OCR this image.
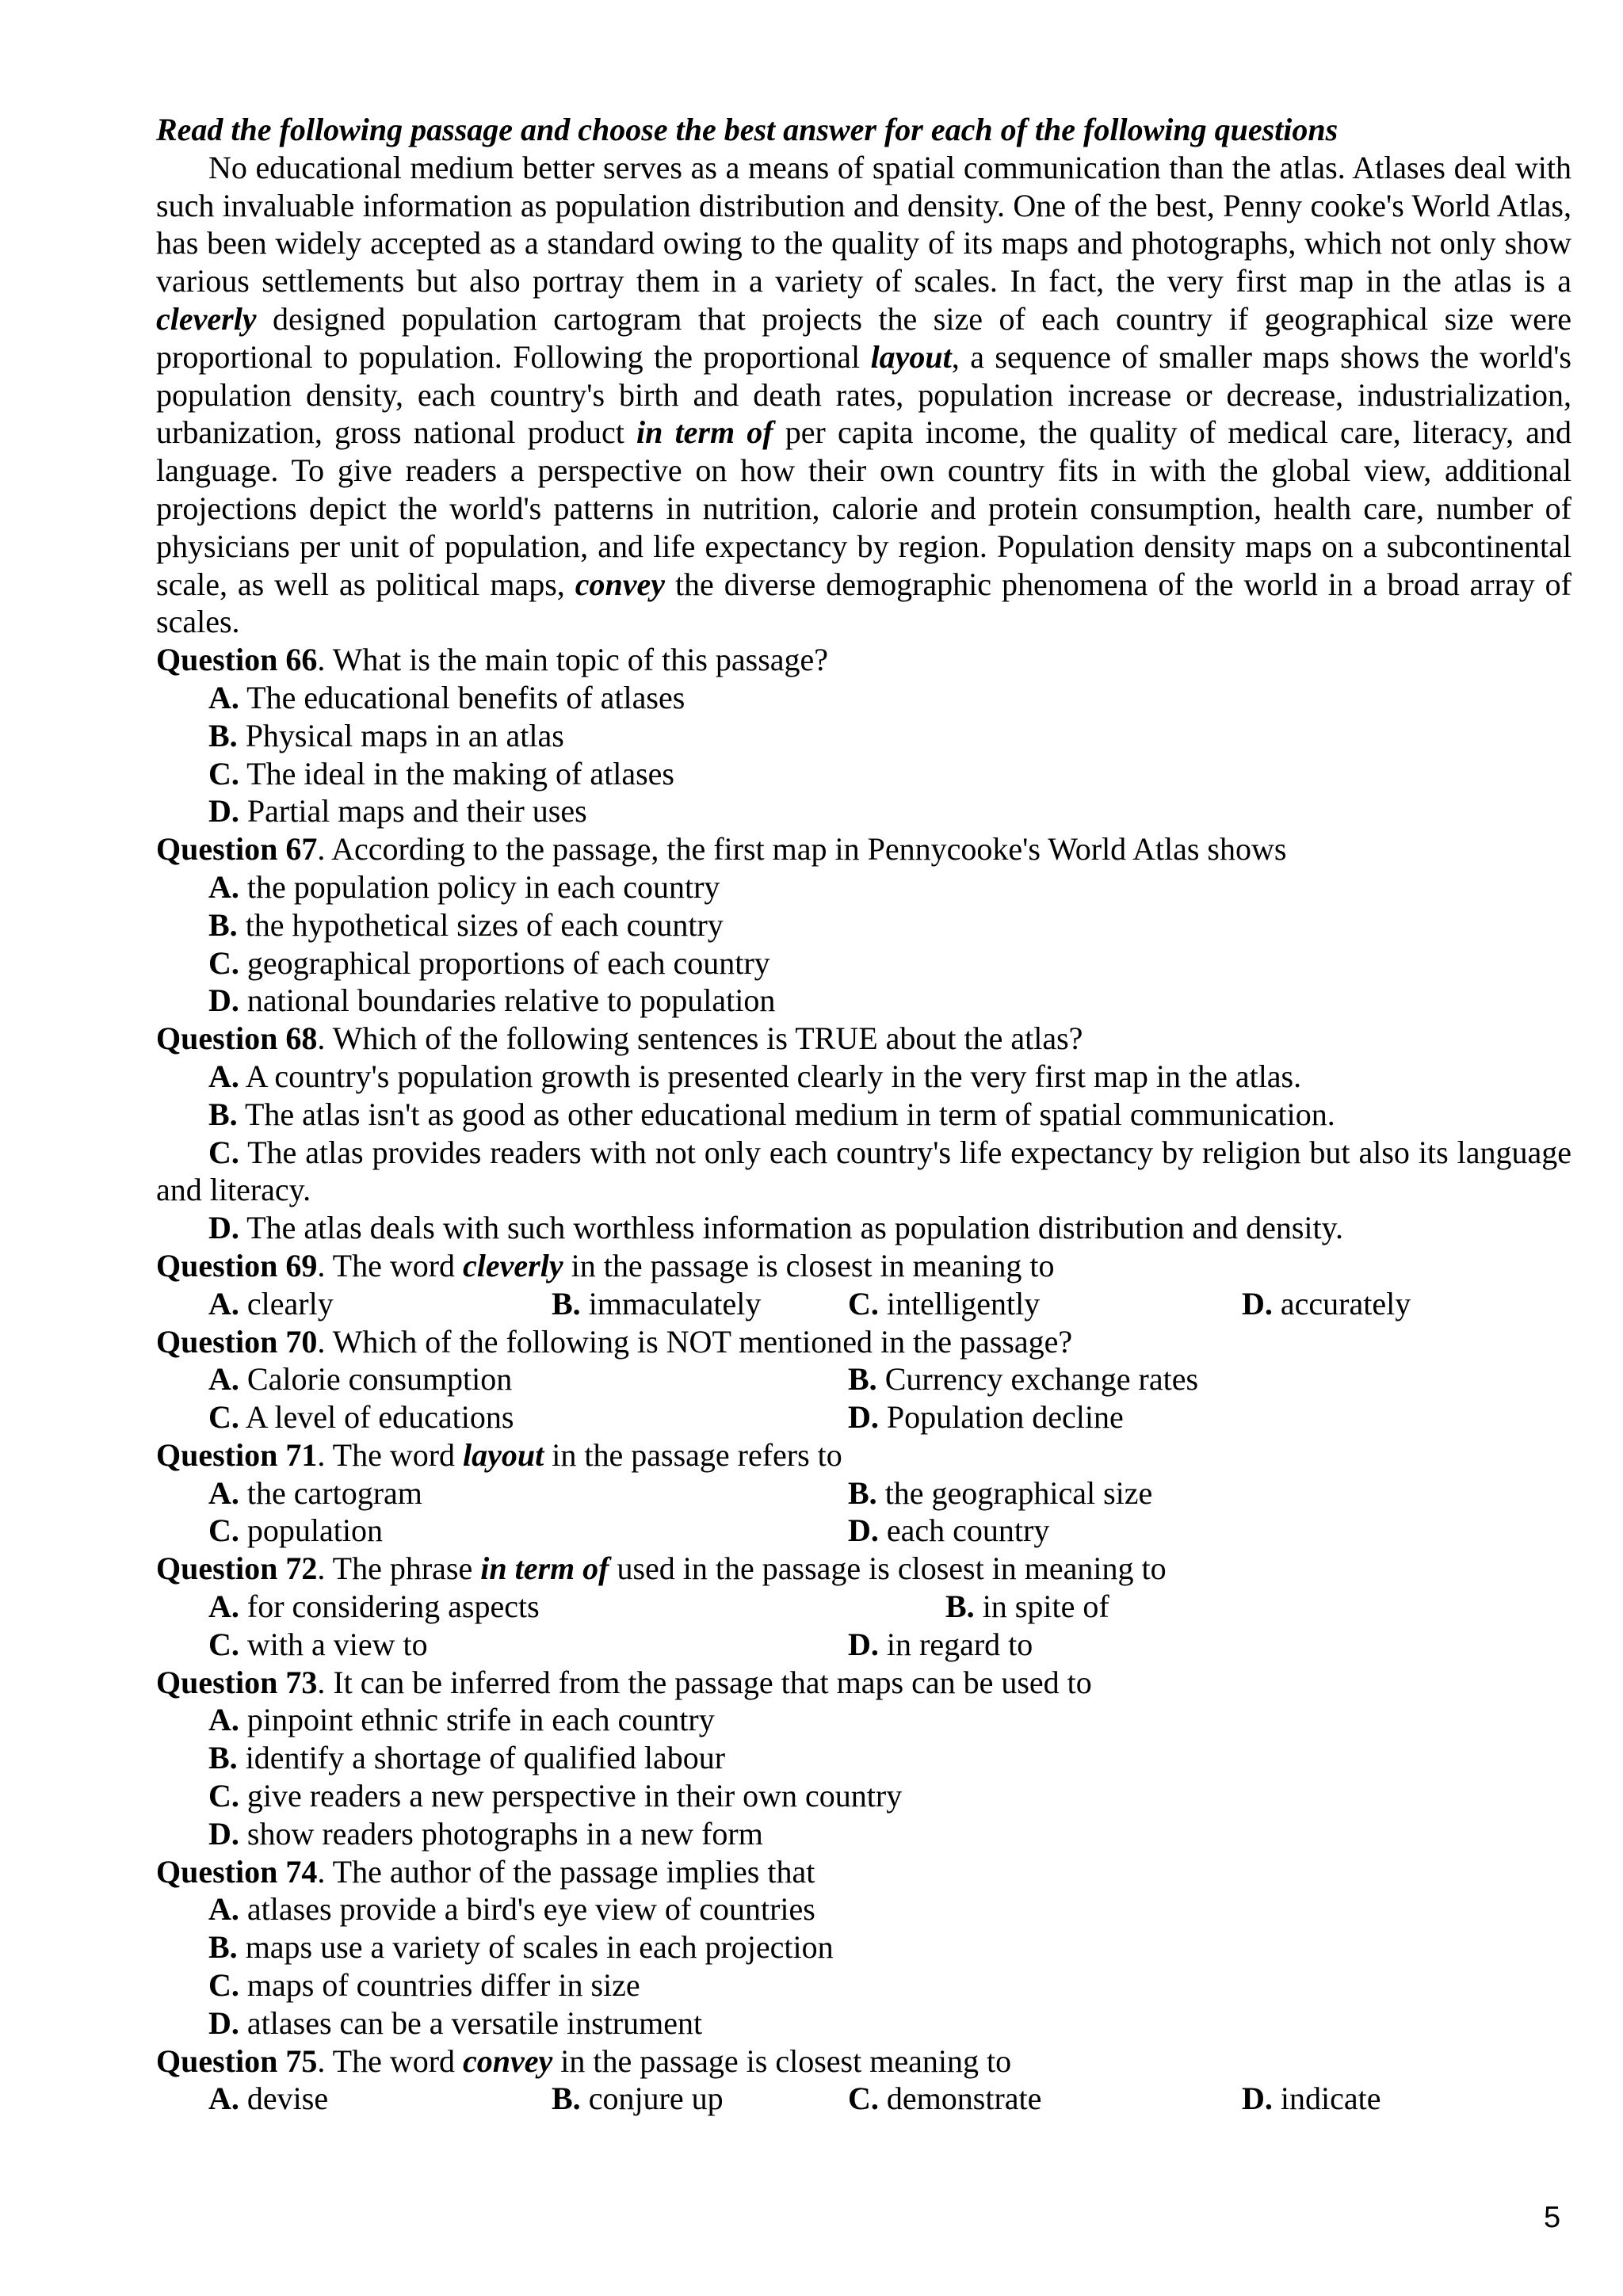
Read the following passage and choose the best answer for each of the following questions

No educational medium better serves as a means of spatial communication than the atlas. Atlases deal with such invaluable information as population distribution and density. One of the best, Penny cooke's World Atlas, has been widely accepted as a standard owing to the quality of its maps and photographs, which not only show various settlements but also portray them in a variety of scales. In fact, the very first map in the atlas is a cleverly designed population cartogram that projects the size of each country if geographical size were proportional to population. Following the proportional layout, a sequence of smaller maps shows the world's population density, each country's birth and death rates, population increase or decrease, industrialization, urbanization, gross national product in term of per capita income, the quality of medical care, literacy, and language. To give readers a perspective on how their own country fits in with the global view, additional projections depict the world's patterns in nutrition, calorie and protein consumption, health care, number of physicians per unit of population, and life expectancy by region. Population density maps on a subcontinental scale, as well as political maps, convey the diverse demographic phenomena of the world in a broad array of scales.

Question 66. What is the main topic of this passage?
A. The educational benefits of atlases
B. Physical maps in an atlas
C. The ideal in the making of atlases
D. Partial maps and their uses
Question 67. According to the passage, the first map in Pennycooke's World Atlas shows
A. the population policy in each country
B. the hypothetical sizes of each country
C. geographical proportions of each country
D. national boundaries relative to population
Question 68. Which of the following sentences is TRUE about the atlas?
A. A country's population growth is presented clearly in the very first map in the atlas.
B. The atlas isn't as good as other educational medium in term of spatial communication.
C. The atlas provides readers with not only each country's life expectancy by religion but also its language and literacy.
D. The atlas deals with such worthless information as population distribution and density.
Question 69. The word cleverly in the passage is closest in meaning to
A. clearly	B. immaculately	C. intelligently	D. accurately
Question 70. Which of the following is NOT mentioned in the passage?
A. Calorie consumption	B. Currency exchange rates
C. A level of educations	D. Population decline
Question 71. The word layout in the passage refers to
A. the cartogram	B. the geographical size
C. population	D. each country
Question 72. The phrase in term of used in the passage is closest in meaning to
A. for considering aspects	B. in spite of
C. with a view to	D. in regard to
Question 73. It can be inferred from the passage that maps can be used to
A. pinpoint ethnic strife in each country
B. identify a shortage of qualified labour
C. give readers a new perspective in their own country
D. show readers photographs in a new form
Question 74. The author of the passage implies that
A. atlases provide a bird's eye view of countries
B. maps use a variety of scales in each projection
C. maps of countries differ in size
D. atlases can be a versatile instrument
Question 75. The word convey in the passage is closest meaning to
A. devise	B. conjure up	C. demonstrate	D. indicate
5
